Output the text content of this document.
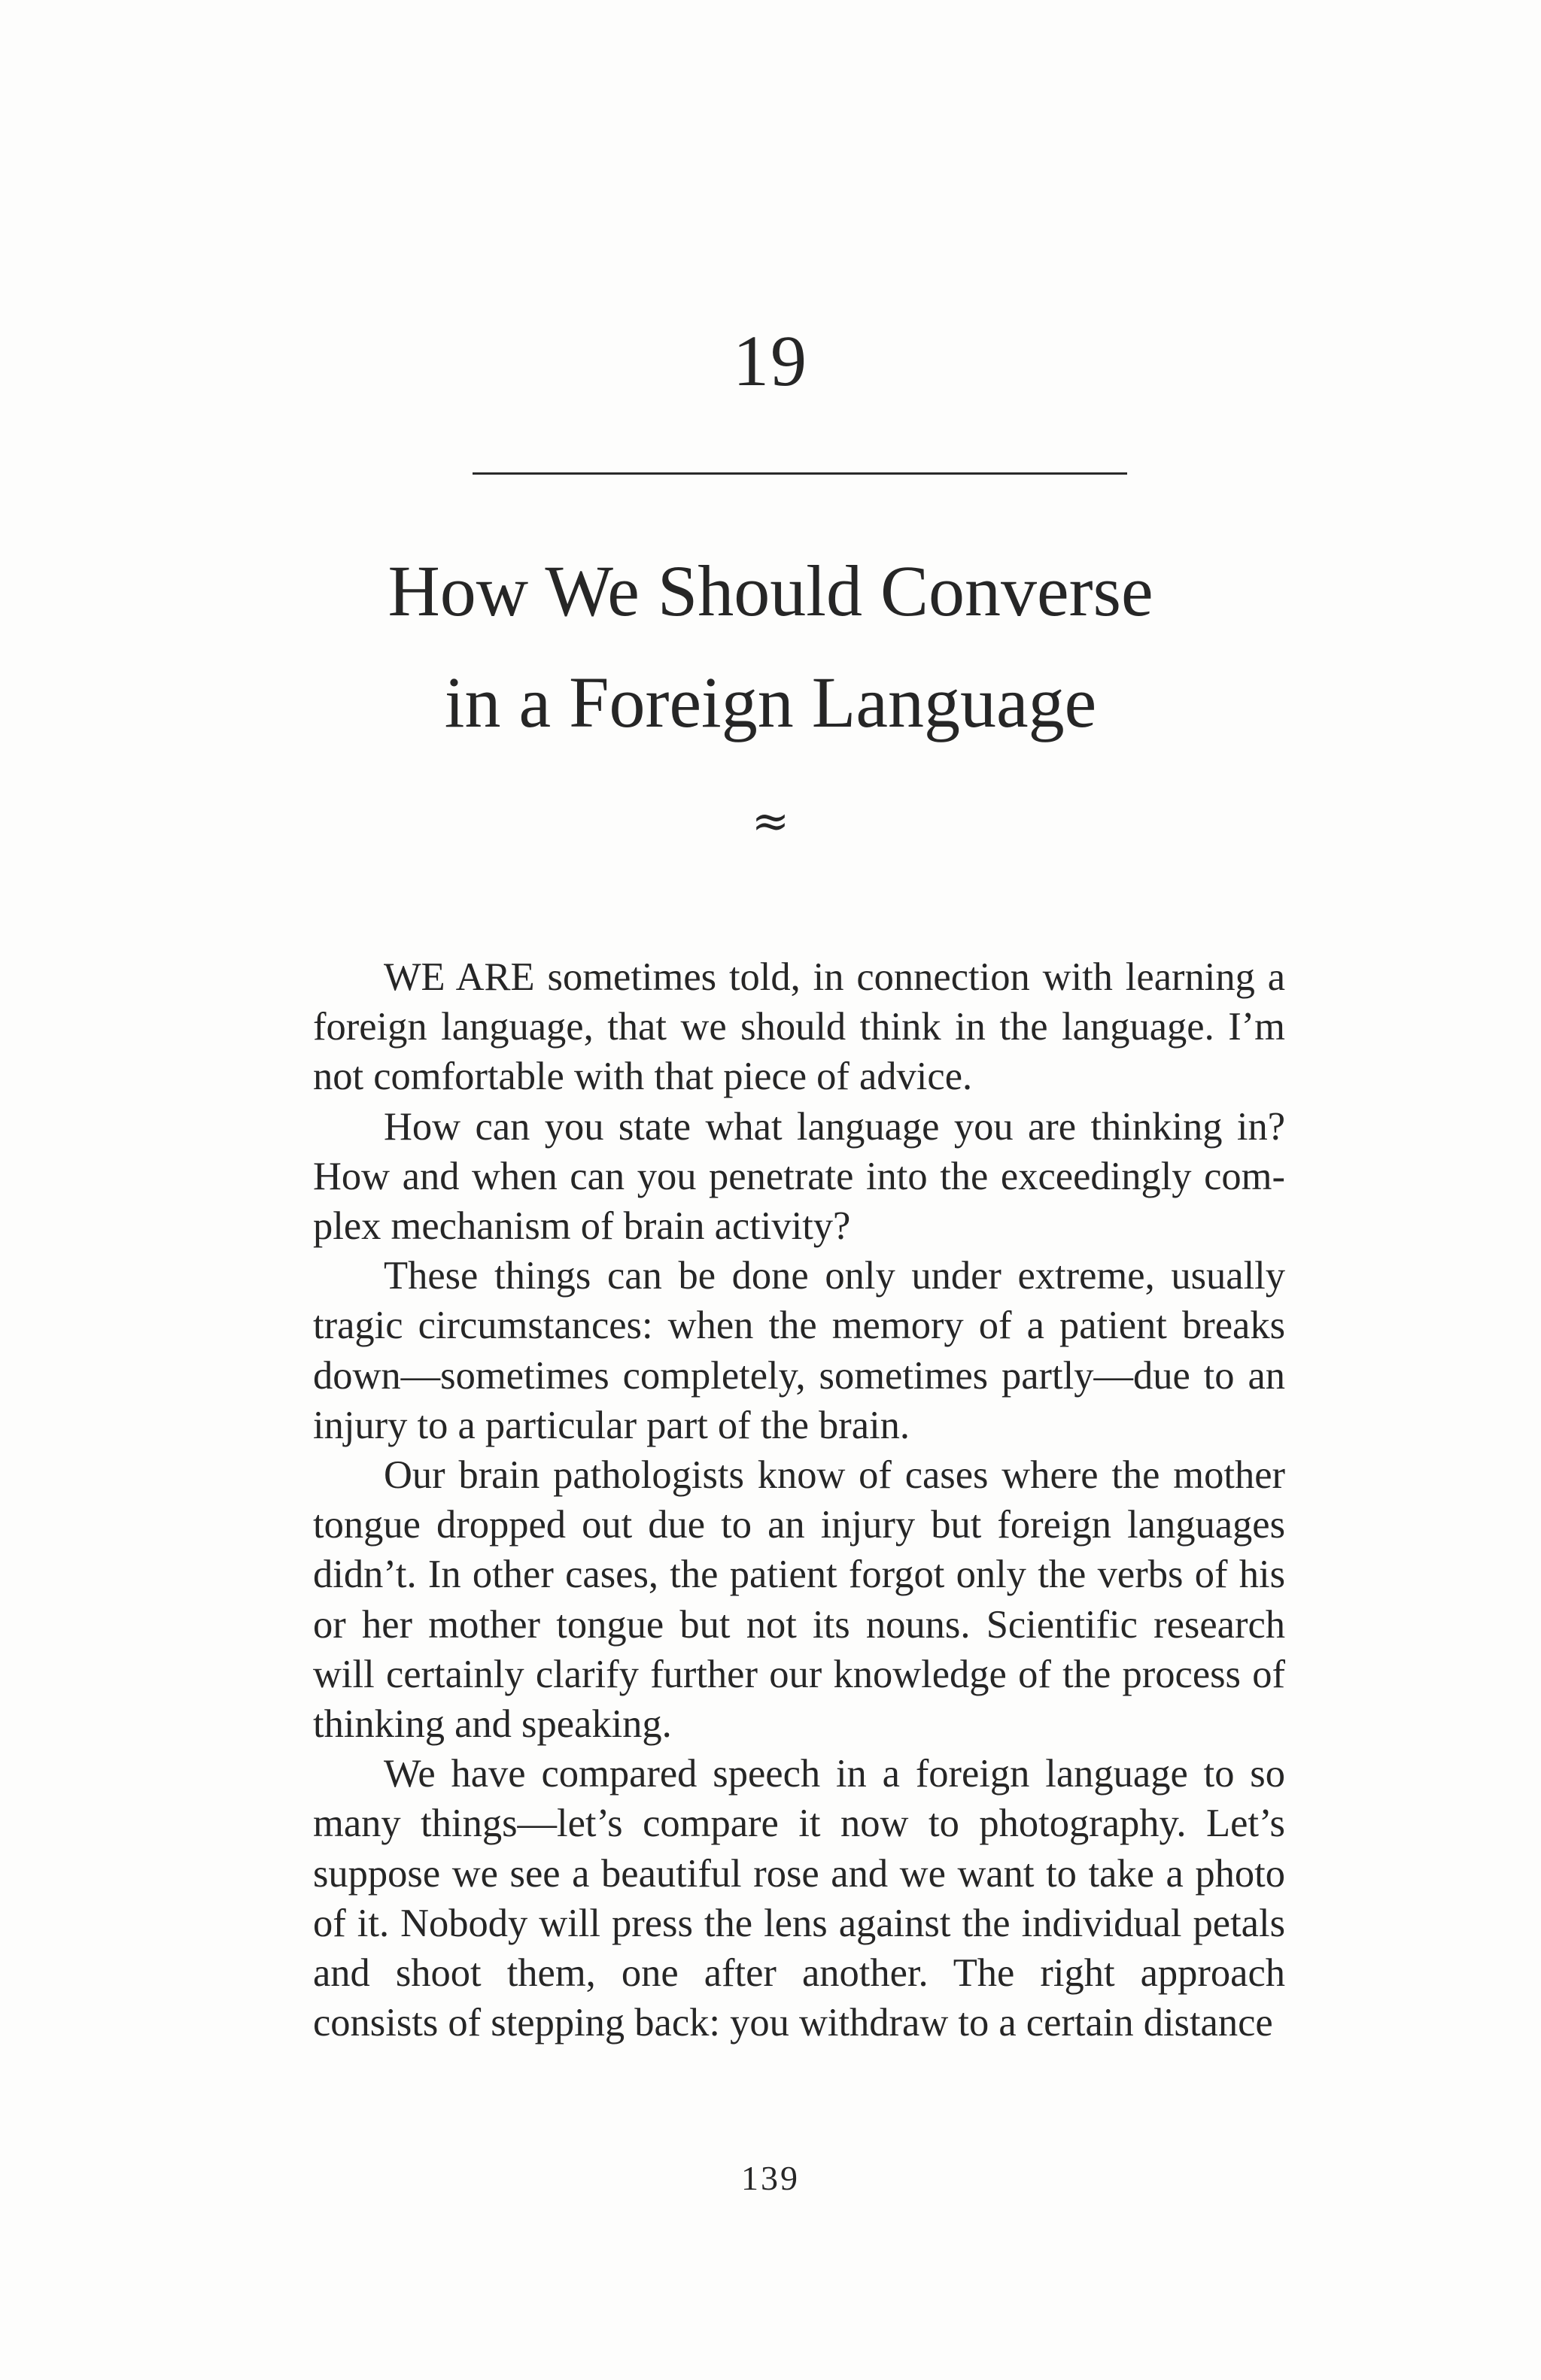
19
How We Should Converse
in a Foreign Language
≈

WE ARE sometimes told, in connection with learning a foreign language, that we should think in the language. I’m not comfortable with that piece of advice.

How can you state what language you are thinking in? How and when can you penetrate into the exceedingly complex mechanism of brain activity?

These things can be done only under extreme, usually tragic circumstances: when the memory of a patient breaks down—sometimes completely, sometimes partly—due to an injury to a particular part of the brain.

Our brain pathologists know of cases where the mother tongue dropped out due to an injury but foreign languages didn’t. In other cases, the patient forgot only the verbs of his or her mother tongue but not its nouns. Scientific research will certainly clarify further our knowledge of the process of thinking and speaking.

We have compared speech in a foreign language to so many things—let’s compare it now to photography. Let’s suppose we see a beautiful rose and we want to take a photo of it. Nobody will press the lens against the individual petals and shoot them, one after another. The right approach consists of stepping back: you withdraw to a certain distance

139
